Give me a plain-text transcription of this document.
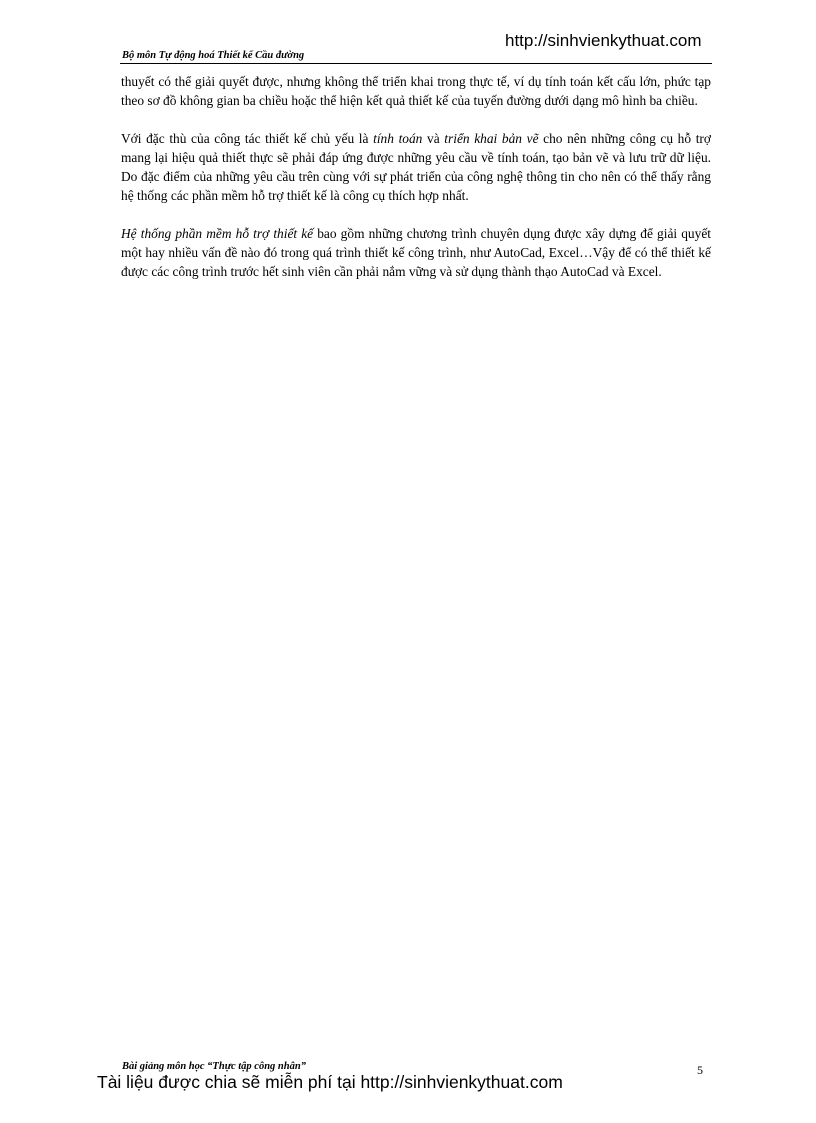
http://sinhvienkythuat.com

Bộ môn Tự động hoá Thiết kế Cầu đường

thuyết có thể giải quyết được, nhưng không thể triển khai trong thực tế, ví dụ tính toán kết cấu lớn, phức tạp theo sơ đồ không gian ba chiều hoặc thể hiện kết quả thiết kế của tuyến đường dưới dạng mô hình ba chiều.

Với đặc thù của công tác thiết kế chủ yếu là tính toán và triển khai bản vẽ cho nên những công cụ hỗ trợ mang lại hiệu quả thiết thực sẽ phải đáp ứng được những yêu cầu về tính toán, tạo bản vẽ và lưu trữ dữ liệu. Do đặc điểm của những yêu cầu trên cùng với sự phát triển của công nghệ thông tin cho nên có thể thấy rằng hệ thống các phần mềm hỗ trợ thiết kế là công cụ thích hợp nhất.

Hệ thống phần mềm hỗ trợ thiết kế bao gồm những chương trình chuyên dụng được xây dựng để giải quyết một hay nhiều vấn đề nào đó trong quá trình thiết kế công trình, như AutoCad, Excel…Vậy để có thể thiết kế được các công trình trước hết sinh viên cần phải nắm vững và sử dụng thành thạo AutoCad và Excel.

Bài giảng môn học “Thực tập công nhân”	5

Tài liệu được chia sẽ miễn phí tại http://sinhvienkythuat.com
